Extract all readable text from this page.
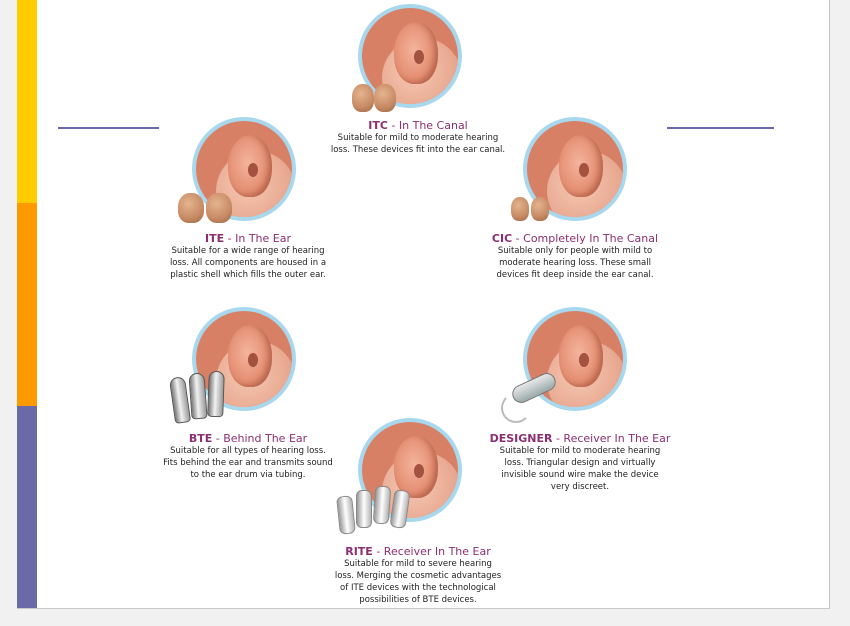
ITC - In The Canal
Suitable for mild to moderate hearing
loss. These devices fit into the ear canal.
ITE - In The Ear
Suitable for a wide range of hearing
loss. All components are housed in a
plastic shell which fills the outer ear.
CIC - Completely In The Canal
Suitable only for people with mild to
moderate hearing loss. These small
devices fit deep inside the ear canal.
BTE - Behind The Ear
Suitable for all types of hearing loss.
Fits behind the ear and transmits sound
to the ear drum via tubing.
DESIGNER - Receiver In The Ear
Suitable for mild to moderate hearing
loss. Triangular design and virtually
invisible sound wire make the device
very discreet.
RITE - Receiver In The Ear
Suitable for mild to severe hearing
loss. Merging the cosmetic advantages
of ITE devices with the technological
possibilities of BTE devices.
